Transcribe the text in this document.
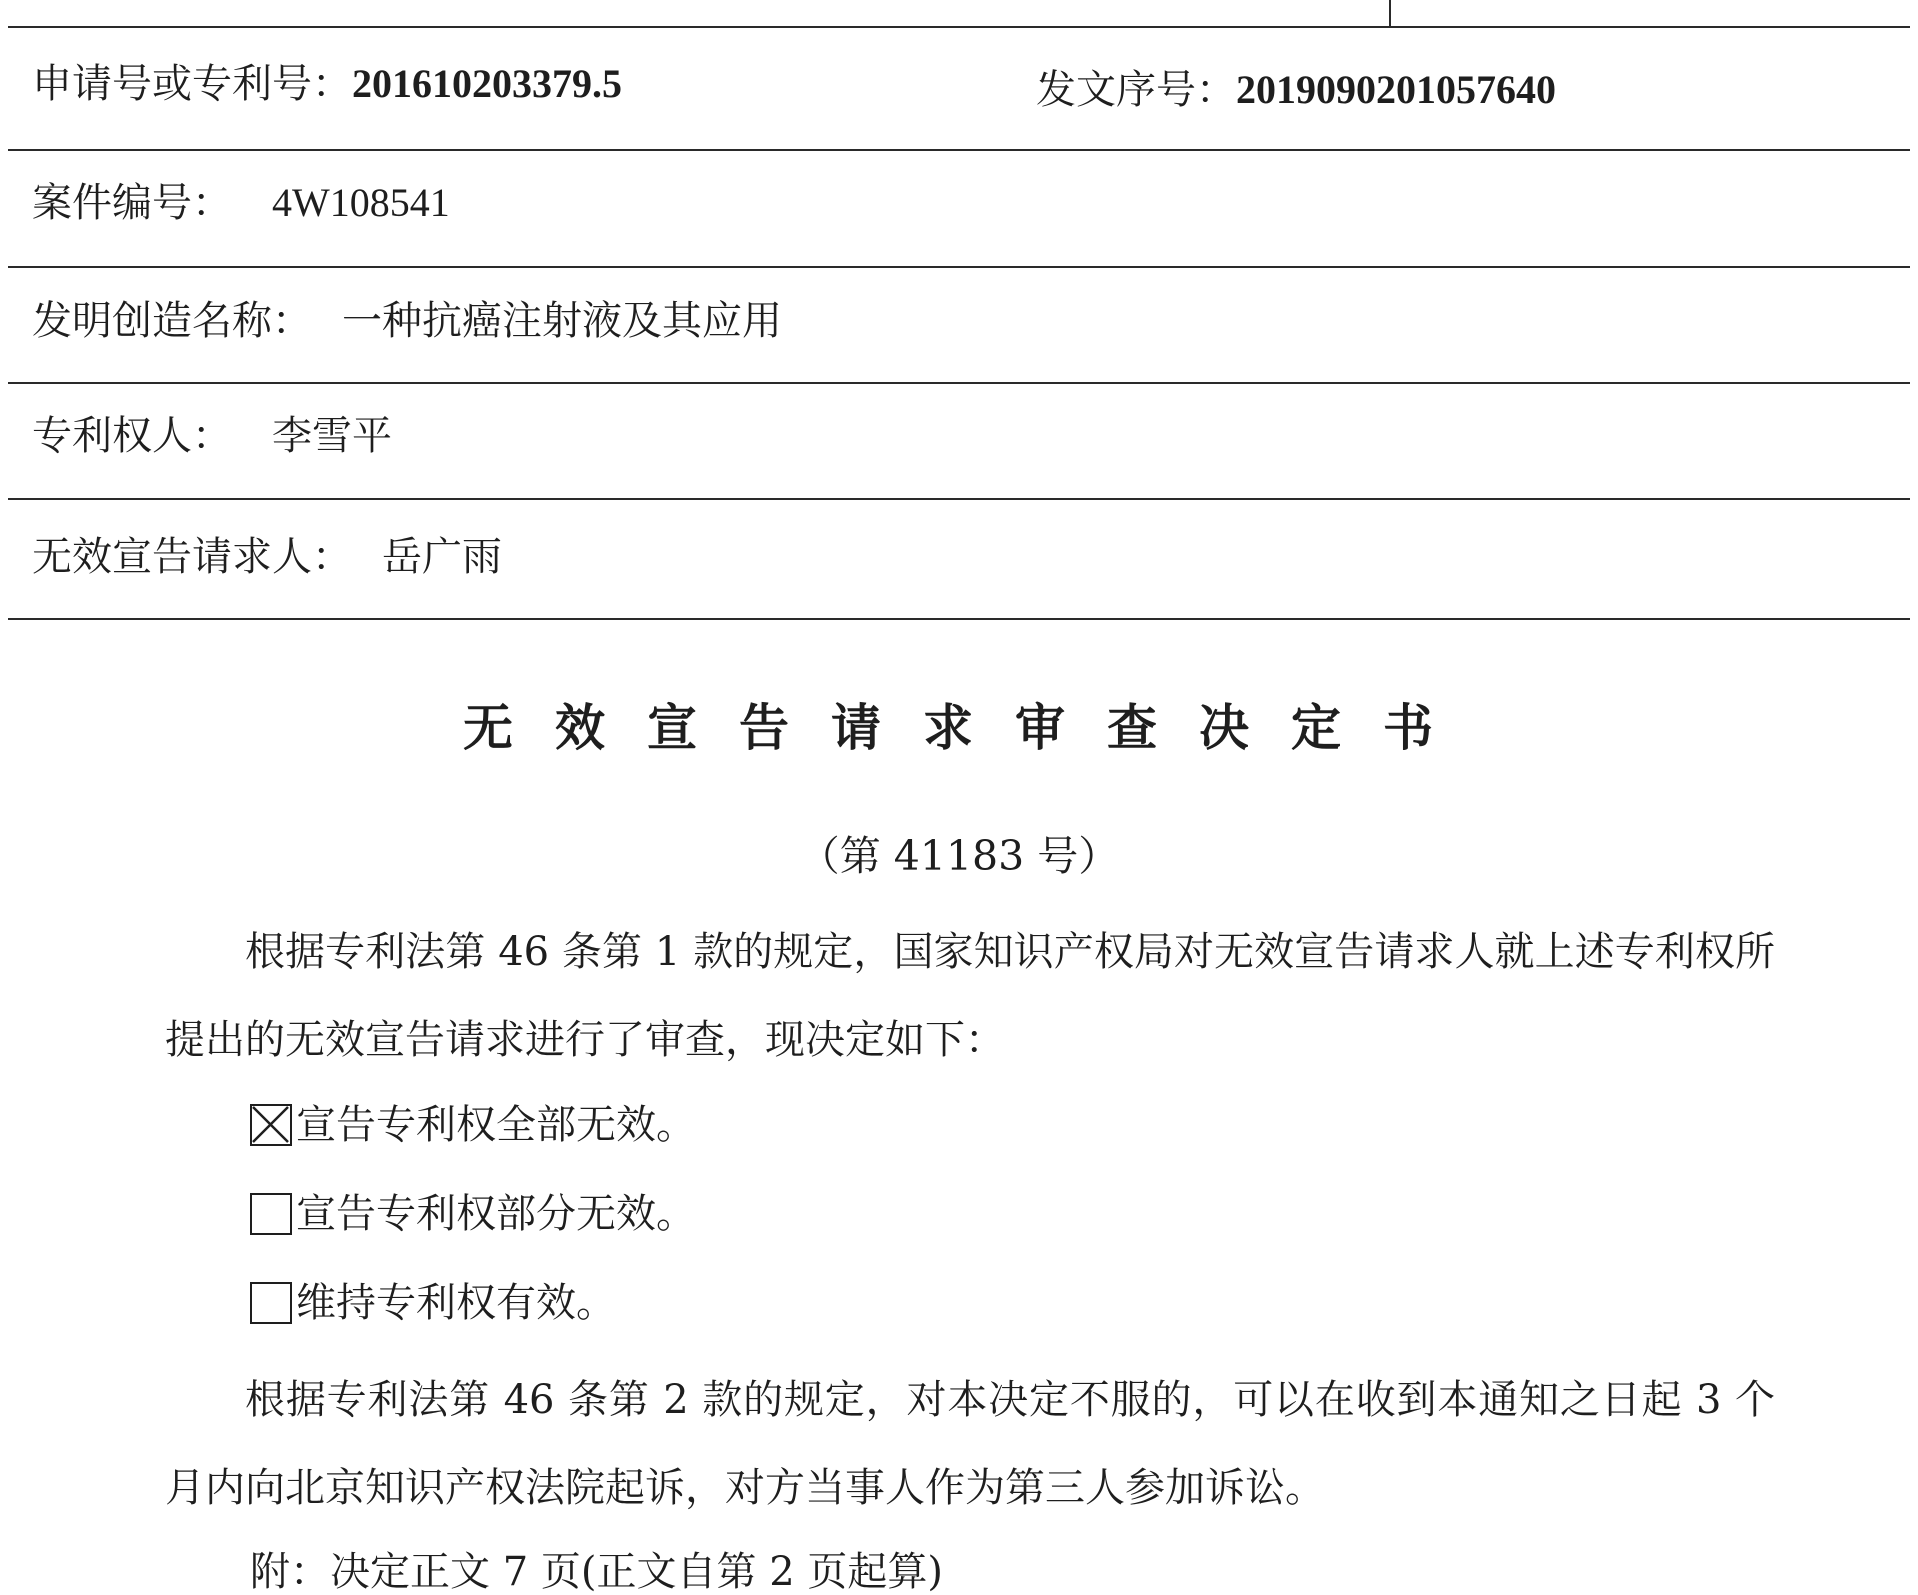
申请号或专利号：201610203379.5	发文序号：2019090201057640
案件编号： 4W108541
发明创造名称： 一种抗癌注射液及其应用
专利权人： 李雪平
无效宣告请求人： 岳广雨
无效宣告请求审查决定书
（第 41183 号）
根据专利法第 46 条第 1 款的规定，国家知识产权局对无效宣告请求人就上述专利权所提出的无效宣告请求进行了审查，现决定如下：
宣告专利权全部无效。
宣告专利权部分无效。
维持专利权有效。
根据专利法第 46 条第 2 款的规定，对本决定不服的，可以在收到本通知之日起 3 个月内向北京知识产权法院起诉，对方当事人作为第三人参加诉讼。
附：决定正文 7 页(正文自第 2 页起算)
